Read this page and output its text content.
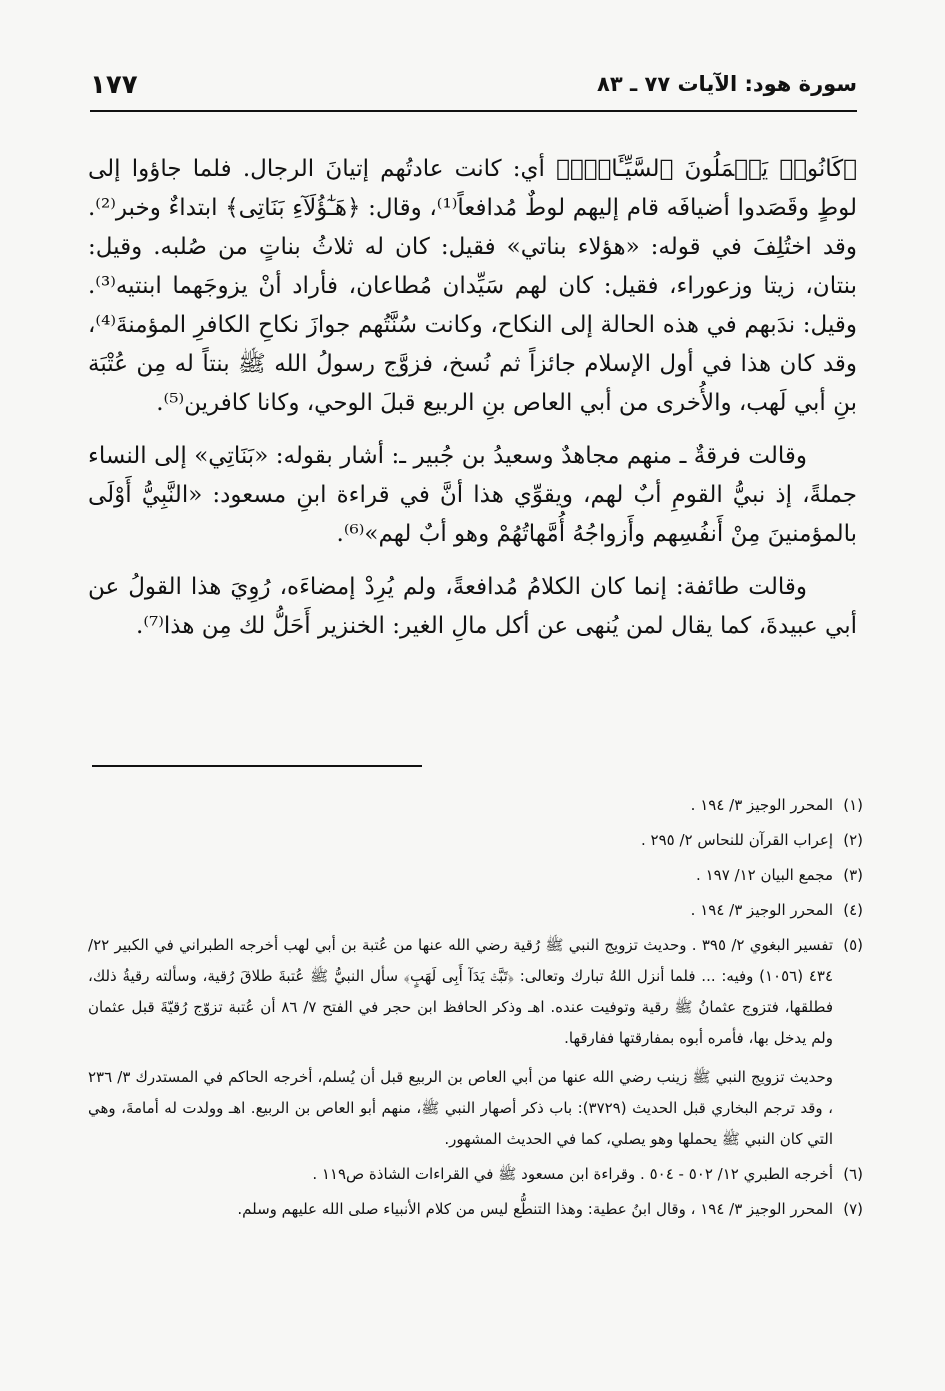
سورة هود: الآيات ٧٧ ـ ٨٣
١٧٧

﴿كَانُوا۟ يَعۡمَلُونَ ٱلسَّيِّـَٔاتِۚ﴾ أي: كانت عادتُهم إتيانَ الرجال. فلما جاؤوا إلى لوطٍ وقَصَدوا أضيافَه قام إليهم لوطٌ مُدافعاً⁽¹⁾، وقال: ﴿هَـٰٓؤُلَآءِ بَنَاتِى﴾ ابتداءٌ وخبر⁽²⁾. وقد اختُلِفَ في قوله: «هؤلاء بناتي» فقيل: كان له ثلاثُ بناتٍ من صُلبه. وقيل: بنتان، زيتا وزعوراء، فقيل: كان لهم سَيِّدان مُطاعان، فأراد أنْ يزوجَهما ابنتيه⁽³⁾. وقيل: ندَبهم في هذه الحالة إلى النكاح، وكانت سُنَّتُهم جوازَ نكاحِ الكافرِ المؤمنةَ⁽⁴⁾، وقد كان هذا في أول الإسلام جائزاً ثم نُسخ، فزوَّج رسولُ الله ﷺ بنتاً له مِن عُتْبَة بنِ أبي لَهب، والأُخرى من أبي العاص بنِ الربيع قبلَ الوحي، وكانا كافرين⁽⁵⁾.

وقالت فرقةٌ ـ منهم مجاهدٌ وسعيدُ بن جُبير ـ: أشار بقوله: «بَنَاتِي» إلى النساء جملةً، إذ نبيُّ القومِ أبٌ لهم، ويقوِّي هذا أنَّ في قراءة ابنِ مسعود: «النَّبِيُّ أَوْلَى بالمؤمنينَ مِنْ أَنفُسِهم وأَزواجُهُ أُمَّهاتُهُمْ وهو أبٌ لهم»⁽⁶⁾.

وقالت طائفة: إنما كان الكلامُ مُدافعةً، ولم يُرِدْ إمضاءَه، رُوِيَ هذا القولُ عن أبي عبيدةَ، كما يقال لمن يُنهى عن أكل مالِ الغير: الخنزير أَحَلُّ لك مِن هذا⁽⁷⁾.

(١)
المحرر الوجيز ٣/ ١٩٤ .
(٢)
إعراب القرآن للنحاس ٢/ ٢٩٥ .
(٣)
مجمع البيان ١٢/ ١٩٧ .
(٤)
المحرر الوجيز ٣/ ١٩٤ .
(٥)
تفسير البغوي ٢/ ٣٩٥ . وحديث تزويج النبي ﷺ رُقية رضي الله عنها من عُتبة بن أبي لهب أخرجه الطبراني في الكبير ٢٢/ ٤٣٤ (١٠٥٦) وفيه: ... فلما أنزل اللهُ تبارك وتعالى: ﴿تَبَّتۡ يَدَآ أَبِى لَهَبٍ﴾ سأل النبيُّ ﷺ عُتبةَ طلاقَ رُقية، وسألته رقيةُ ذلك، فطلقها، فتزوج عثمانُ ﷺ رقية وتوفيت عنده. اهـ وذكر الحافظ ابن حجر في الفتح ٧/ ٨٦ أن عُتبة تزوّج رُقيّةَ قبل عثمان ولم يدخل بها، فأمره أبوه بمفارقتها ففارقها.
وحديث تزويج النبي ﷺ زينب رضي الله عنها من أبي العاص بن الربيع قبل أن يُسلم، أخرجه الحاكم في المستدرك ٣/ ٢٣٦ ، وقد ترجم البخاري قبل الحديث (٣٧٢٩): باب ذكر أصهار النبي ﷺ، منهم أبو العاص بن الربيع. اهـ وولدت له أمامةَ، وهي التي كان النبي ﷺ يحملها وهو يصلي، كما في الحديث المشهور.
(٦)
أخرجه الطبري ١٢/ ٥٠٢ - ٥٠٤ . وقراءة ابن مسعود ﷺ في القراءات الشاذة ص١١٩ .
(٧)
المحرر الوجيز ٣/ ١٩٤ ، وقال ابنُ عطية: وهذا التنطُّع ليس من كلام الأنبياء صلى الله عليهم وسلم.
